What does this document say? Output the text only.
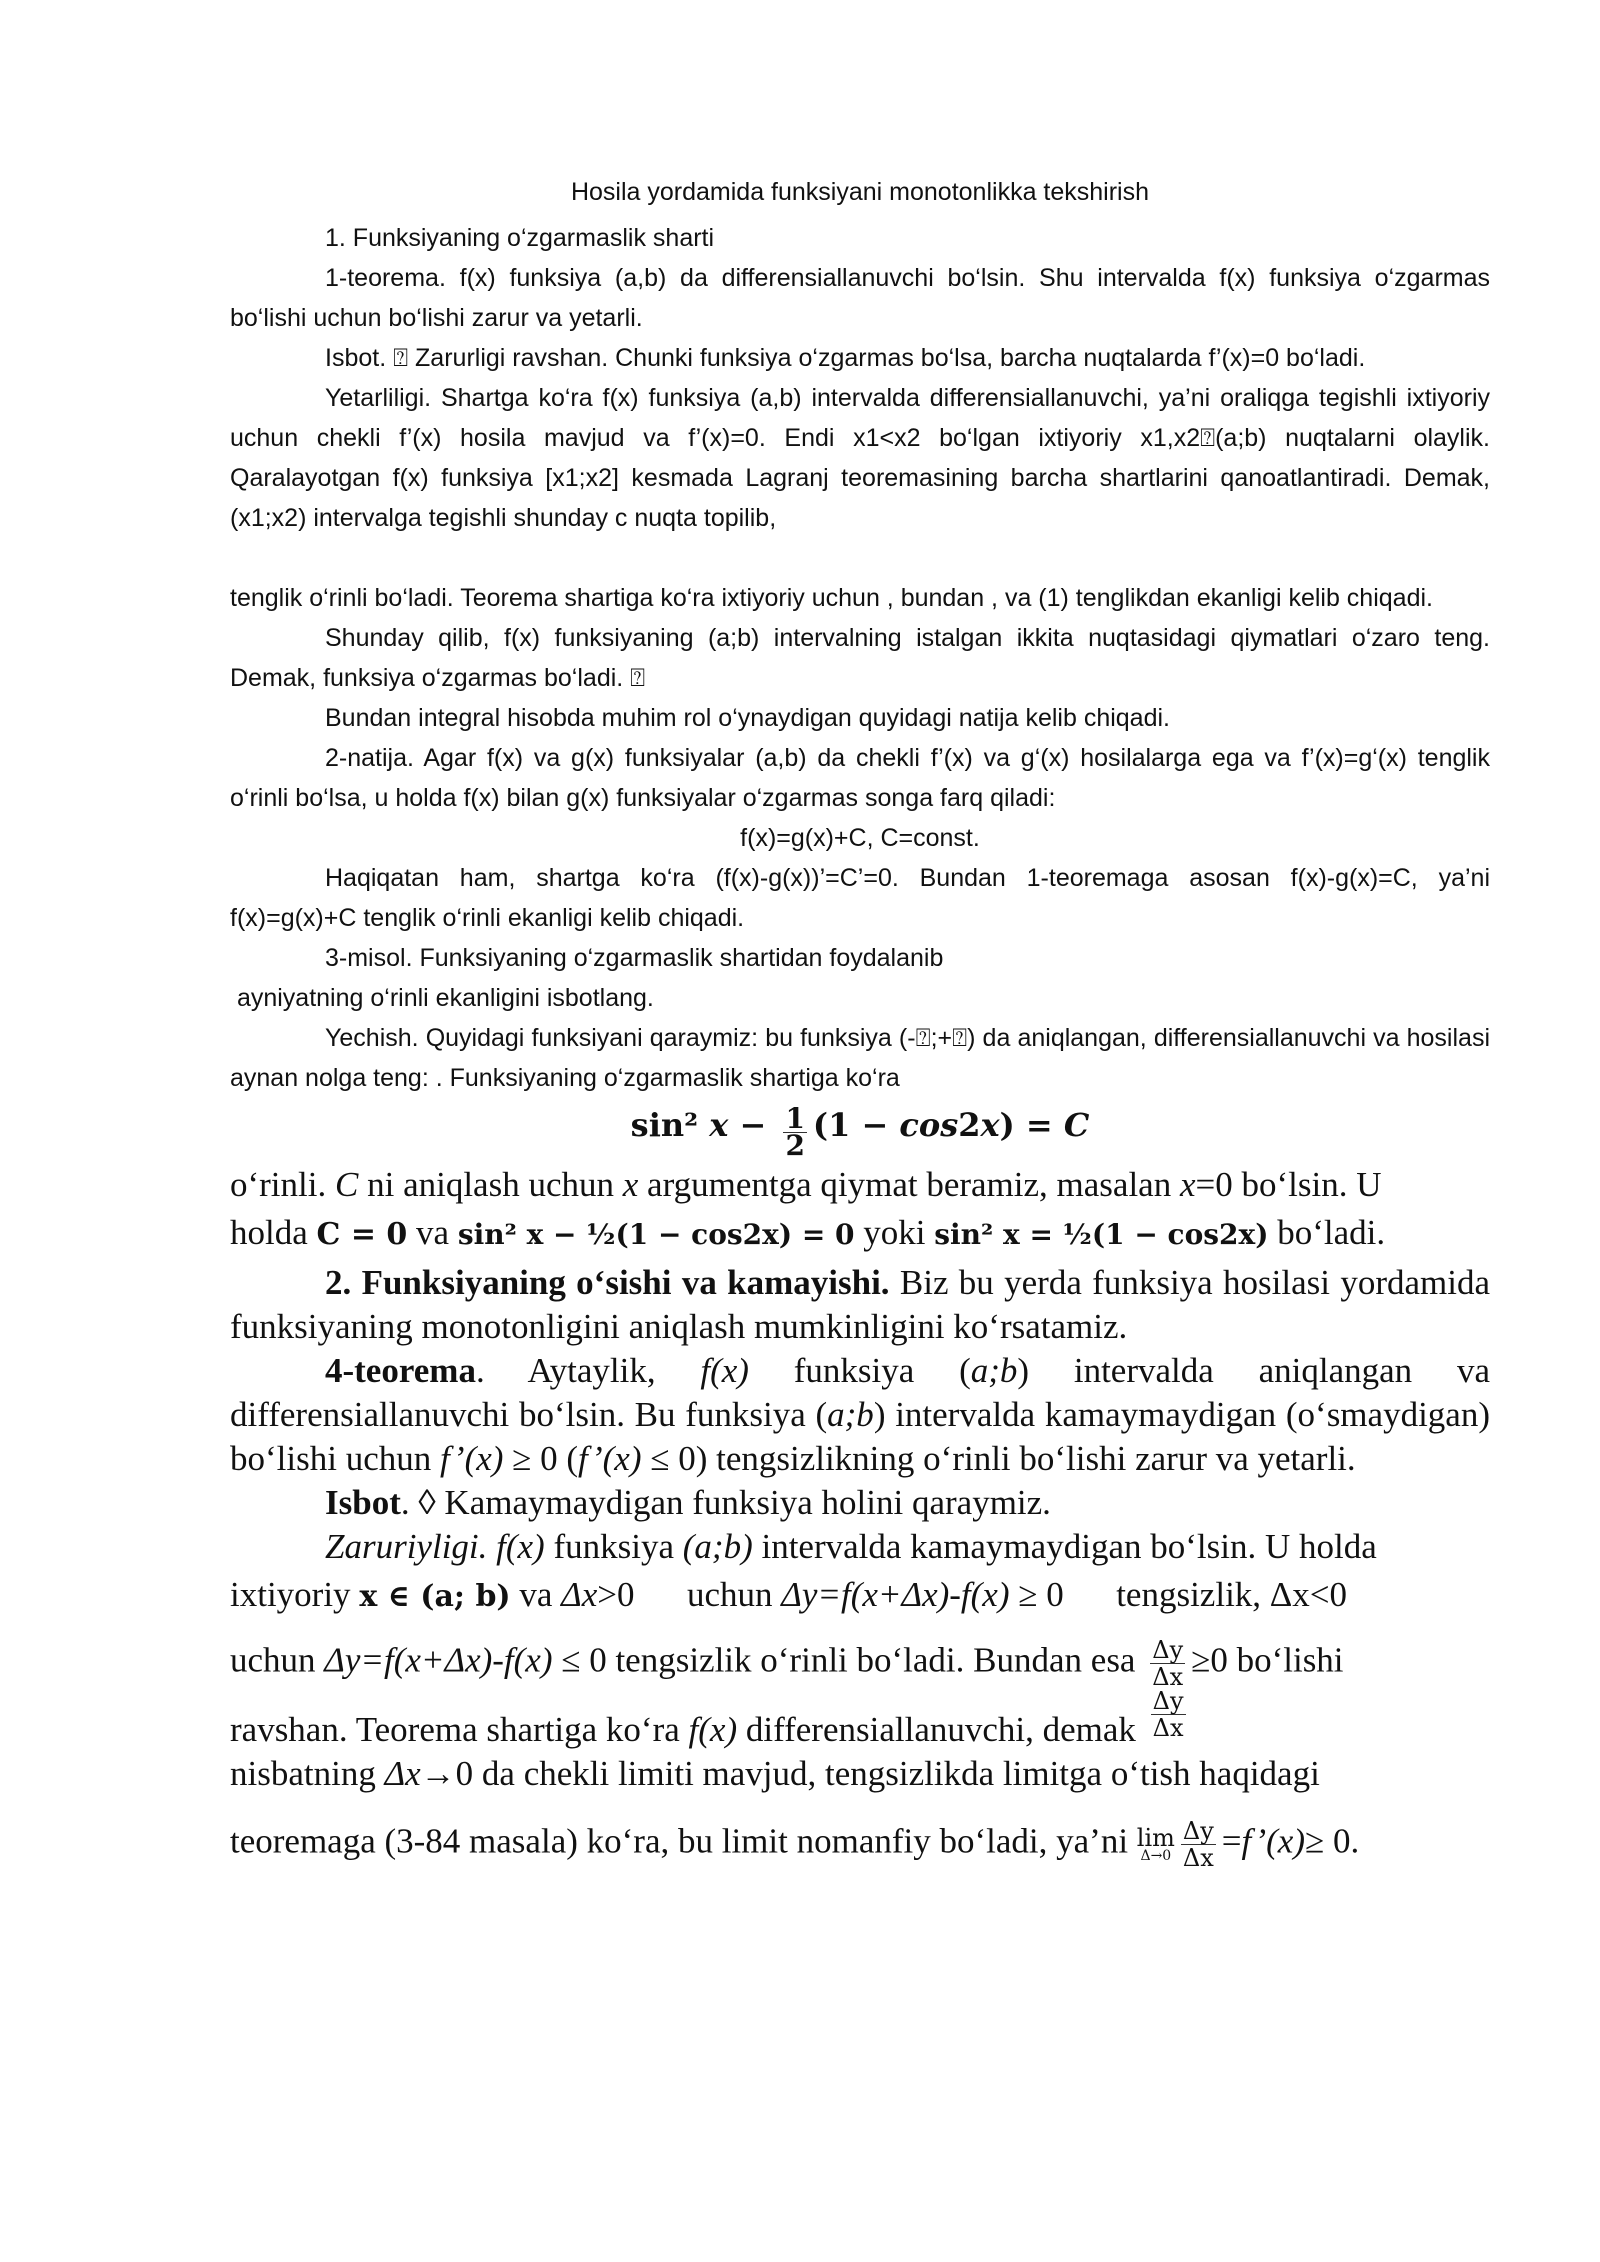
Hosila yordamida funksiyani monotonlikka tekshirish

1. Funksiyaning o‘zgarmaslik sharti

1-teorema. f(x) funksiya (a,b) da differensiallanuvchi bo‘lsin. Shu intervalda f(x) funksiya o‘zgarmas bo‘lishi uchun bo‘lishi zarur va yetarli.

Isbot. ⍰ Zarurligi ravshan. Chunki funksiya o‘zgarmas bo‘lsa, barcha nuqtalarda f’(x)=0 bo‘ladi.

Yetarliligi. Shartga ko‘ra f(x) funksiya (a,b) intervalda differensiallanuvchi, ya’ni oraliqga tegishli ixtiyoriy uchun chekli f’(x) hosila mavjud va f’(x)=0. Endi x1<x2 bo‘lgan ixtiyoriy x1,x2⍰(a;b) nuqtalarni olaylik. Qaralayotgan f(x) funksiya [x1;x2] kesmada Lagranj teoremasining barcha shartlarini qanoatlantiradi. Demak, (x1;x2) intervalga tegishli shunday c nuqta topilib,

tenglik o‘rinli bo‘ladi. Teorema shartiga ko‘ra ixtiyoriy uchun , bundan , va (1) tenglikdan ekanligi kelib chiqadi.

Shunday qilib, f(x) funksiyaning (a;b) intervalning istalgan ikkita nuqtasidagi qiymatlari o‘zaro teng. Demak, funksiya o‘zgarmas bo‘ladi. ⍰

Bundan integral hisobda muhim rol o‘ynaydigan quyidagi natija kelib chiqadi.

2-natija. Agar f(x) va g(x) funksiyalar (a,b) da chekli f’(x) va g‘(x) hosilalarga ega va f’(x)=g‘(x) tenglik o‘rinli bo‘lsa, u holda f(x) bilan g(x) funksiyalar o‘zgarmas songa farq qiladi:

f(x)=g(x)+C, C=const.

Haqiqatan ham, shartga ko‘ra (f(x)-g(x))’=C’=0. Bundan 1-teoremaga asosan f(x)-g(x)=C, ya’ni f(x)=g(x)+C tenglik o‘rinli ekanligi kelib chiqadi.

3-misol. Funksiyaning o‘zgarmaslik shartidan foydalanib

ayniyatning o‘rinli ekanligini isbotlang.

Yechish. Quyidagi funksiyani qaraymiz: bu funksiya (-⍰;+⍰) da aniqlangan, differensiallanuvchi va hosilasi aynan nolga teng: . Funksiyaning o‘zgarmaslik shartiga ko‘ra

sin² $x - \frac{1}{2} (1 - \cos 2x) = C$

o‘rinli. C ni aniqlash uchun x argumentga qiymat beramiz, masalan x=0 bo‘lsin. U

holda C = 0 va sin² x − ½(1 − cos2x) = 0 yoki sin² x = ½(1 − cos2x) bo‘ladi.

2. Funksiyaning o‘sishi va kamayishi. Biz bu yerda funksiya hosilasi yordamida funksiyaning monotonligini aniqlash mumkinligini ko‘rsatamiz.

4-teorema. Aytaylik, f(x) funksiya (a;b) intervalda aniqlangan va differensiallanuvchi bo‘lsin. Bu funksiya (a;b) intervalda kamaymaydigan (o‘smaydigan) bo‘lishi uchun f’(x) ≥ 0 (f’(x) ≤ 0) tengsizlikning o‘rinli bo‘lishi zarur va yetarli.

Isbot. ◊ Kamaymaydigan funksiya holini qaraymiz.

Zaruriyligi. f(x) funksiya (a;b) intervalda kamaymaydigan bo‘lsin. U holda

ixtiyoriy x ∈ (a; b) va Δx>0 uchun Δy=f(x+Δx)-f(x) ≥ 0 tengsizlik, Δx<0

uchun Δy=f(x+Δx)-f(x) ≤ 0 tengsizlik o‘rinli bo‘ladi. Bundan esa $\frac{\Delta y}{\Delta x} \ge 0$ bo‘lishi

ravshan. Teorema shartiga ko‘ra f(x) differensiallanuvchi, demak $\frac{\Delta y}{\Delta x}$

nisbatning Δx→0 da chekli limiti mavjud, tengsizlikda limitga o‘tish haqidagi

teoremaga (3-84 masala) ko‘ra, bu limit nomanfiy bo‘ladi, ya’ni lim
$\Delta\to 0 \frac{\Delta y}{\Delta x}$ =f’(x)≥ 0.
